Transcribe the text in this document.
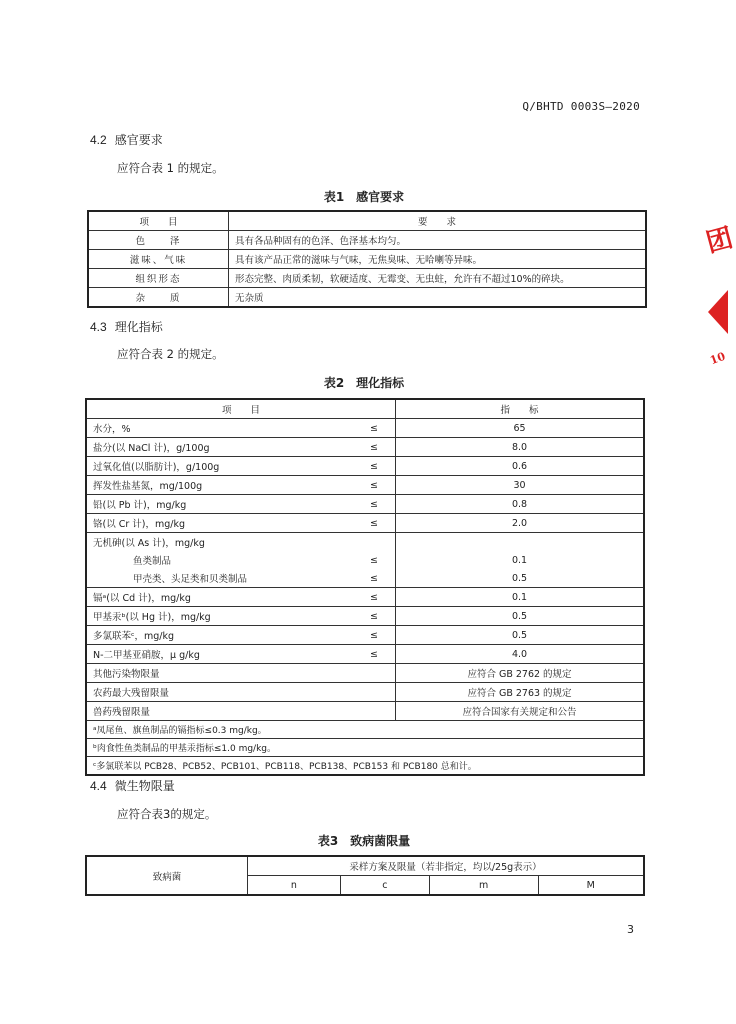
Q/BHTD 0003S—2020
4.2 感官要求
应符合表 1 的规定。
表1　感官要求
项　　目	要　　求
色　　泽	具有各品种固有的色泽、色泽基本均匀。
滋味、气味	具有该产品正常的滋味与气味，无焦臭味、无哈喇等异味。
组织形态	形态完整、肉质柔韧，软硬适度、无霉变、无虫蛀，允许有不超过10%的碎块。
杂　　质	无杂质
4.3 理化指标
应符合表 2 的规定。
表2　理化指标
项　　目		指　　标
水分，%	≤	65
盐分(以 NaCl 计)，g/100g	≤	8.0
过氧化值(以脂肪计)，g/100g	≤	0.6
挥发性盐基氮，mg/100g	≤	30
铅(以 Pb 计)，mg/kg	≤	0.8
铬(以 Cr 计)，mg/kg	≤	2.0
无机砷(以 As 计)，mg/kg		
鱼类制品	≤	0.1
甲壳类、头足类和贝类制品	≤	0.5
镉ᵃ(以 Cd 计)，mg/kg	≤	0.1
甲基汞ᵇ(以 Hg 计)，mg/kg	≤	0.5
多氯联苯ᶜ，mg/kg	≤	0.5
N-二甲基亚硝胺，μ g/kg	≤	4.0
其他污染物限量		应符合 GB 2762 的规定
农药最大残留限量		应符合 GB 2763 的规定
兽药残留限量		应符合国家有关规定和公告
ᵃ凤尾鱼、旗鱼制品的镉指标≤0.3 mg/kg。		
ᵇ肉食性鱼类制品的甲基汞指标≤1.0 mg/kg。		
ᶜ多氯联苯以 PCB28、PCB52、PCB101、PCB118、PCB138、PCB153 和 PCB180 总和计。		
4.4 微生物限量
应符合表3的规定。
表3　致病菌限量
致病菌	采样方案及限量（若非指定，均以/25g表示）			
	n	c	m	M
3
团
10
